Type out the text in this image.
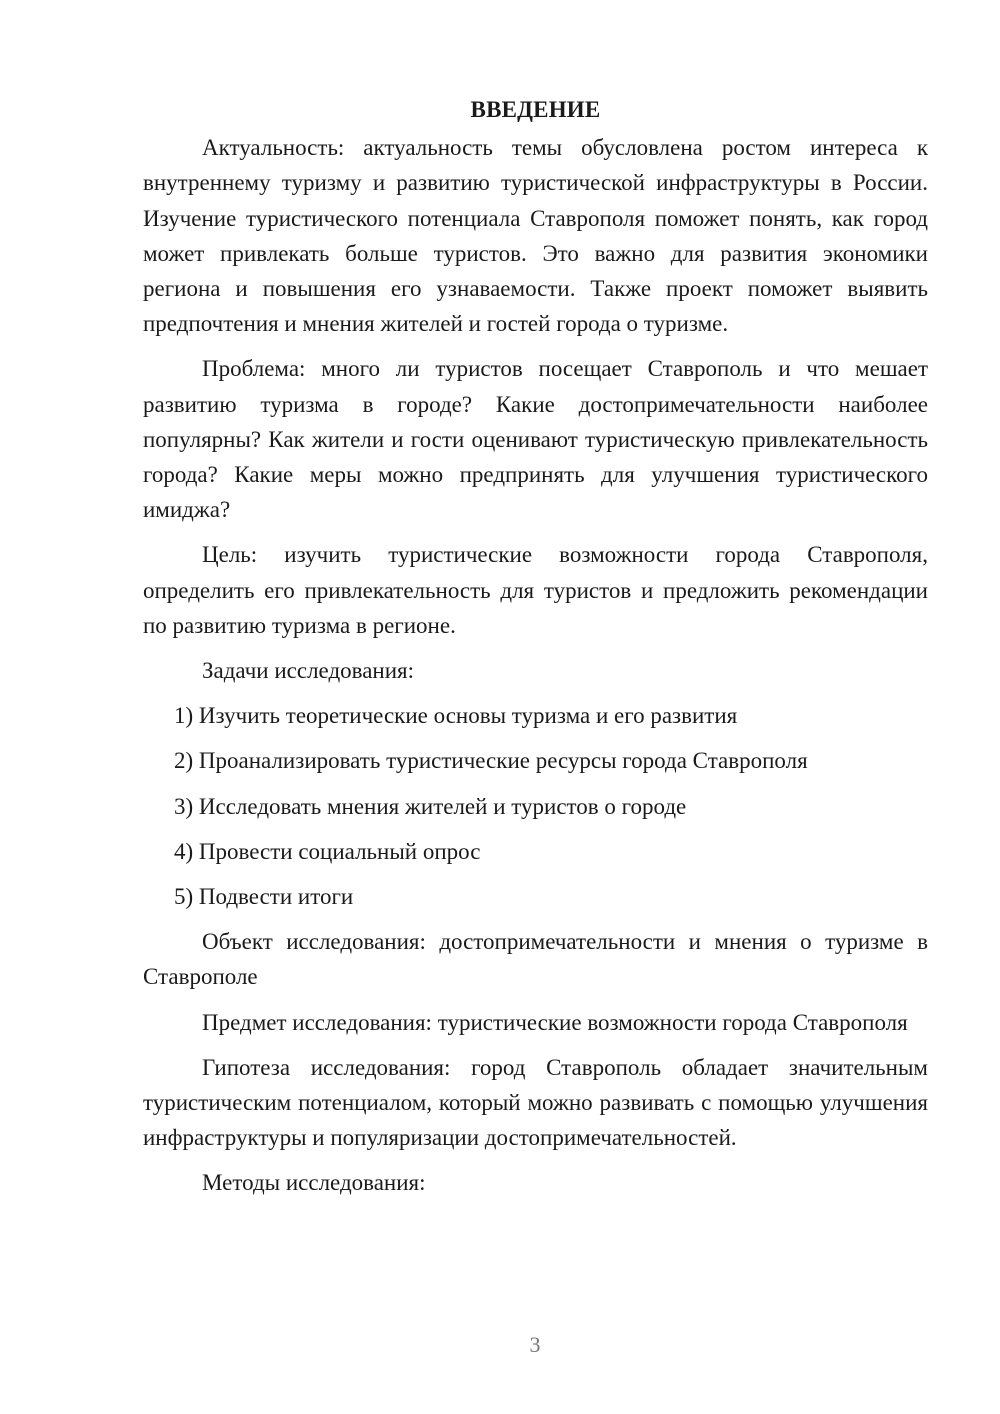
ВВЕДЕНИЕ

Актуальность: актуальность темы обусловлена ростом интереса к внутреннему туризму и развитию туристической инфраструктуры в России. Изучение туристического потенциала Ставрополя поможет понять, как город может привлекать больше туристов. Это важно для развития экономики региона и повышения его узнаваемости. Также проект поможет выявить предпочтения и мнения жителей и гостей города о туризме.

Проблема: много ли туристов посещает Ставрополь и что мешает развитию туризма в городе? Какие достопримечательности наиболее популярны? Как жители и гости оценивают туристическую привлекательность города? Какие меры можно предпринять для улучшения туристического имиджа?

Цель: изучить туристические возможности города Ставрополя, определить его привлекательность для туристов и предложить рекомендации по развитию туризма в регионе.

Задачи исследования:

1) Изучить теоретические основы туризма и его развития
2) Проанализировать туристические ресурсы города Ставрополя
3) Исследовать мнения жителей и туристов о городе
4) Провести социальный опрос
5) Подвести итоги

Объект исследования: достопримечательности и мнения о туризме в Ставрополе

Предмет исследования: туристические возможности города Ставрополя

Гипотеза исследования: город Ставрополь обладает значительным туристическим потенциалом, который можно развивать с помощью улучшения инфраструктуры и популяризации достопримечательностей.

Методы исследования:

3
